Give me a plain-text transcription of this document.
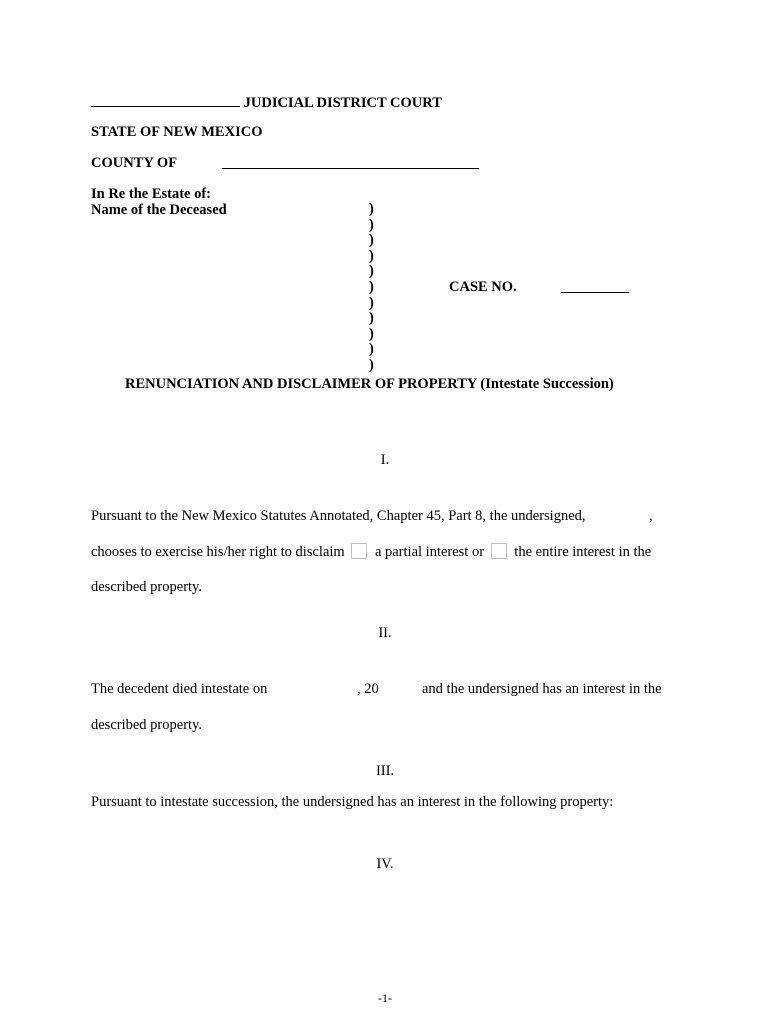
JUDICIAL DISTRICT COURT
STATE OF NEW MEXICO
COUNTY OF
In Re the Estate of:
Name of the Deceased	)
)
)
)
)
)
)
)
)
)
)
CASE NO.
RENUNCIATION AND DISCLAIMER OF PROPERTY (Intestate Succession)
I.
Pursuant to the New Mexico Statutes Annotated, Chapter 45, Part 8, the undersigned,	,
chooses to exercise his/her right to disclaim a partial interest or the entire interest in the
described property.
II.
The decedent died intestate on	, 20	and the undersigned has an interest in the
described property.
III.
Pursuant to intestate succession, the undersigned has an interest in the following property:
IV.
-1-
